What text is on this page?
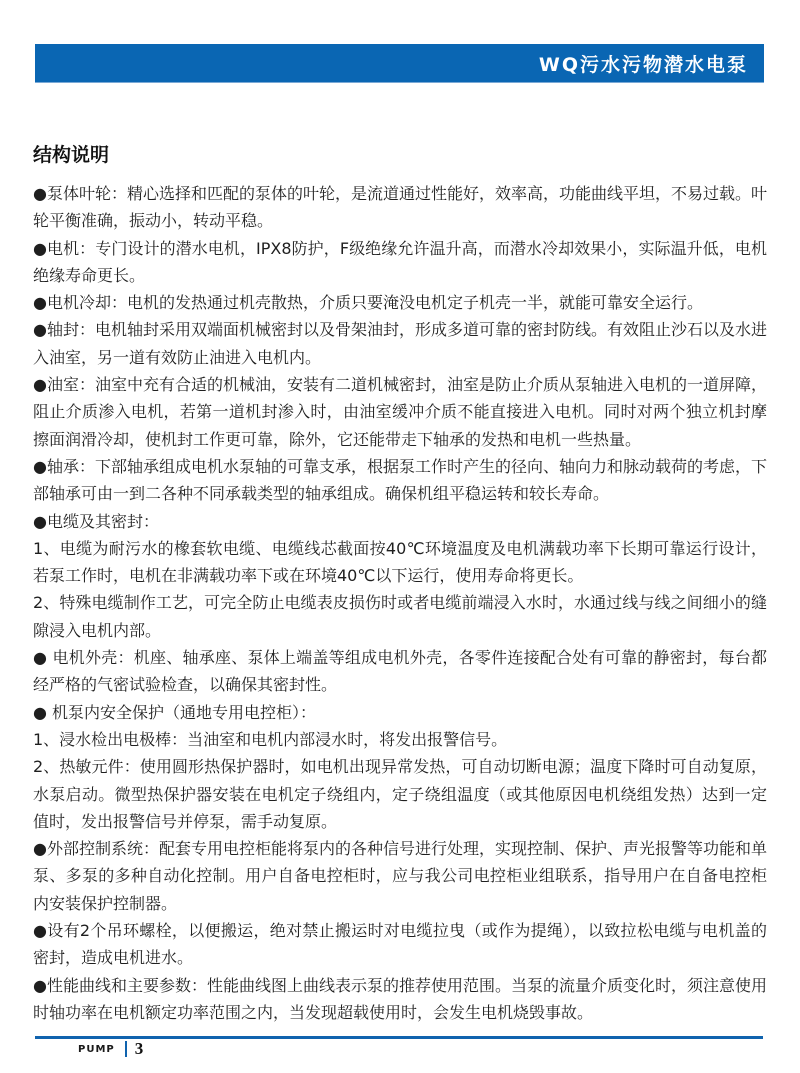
WQ污水污物潜水电泵
结构说明

●泵体叶轮：精心选择和匹配的泵体的叶轮，是流道通过性能好，效率高，功能曲线平坦，不易过载。叶轮平衡准确，振动小，转动平稳。

●电机：专门设计的潜水电机，IPX8防护，F级绝缘允许温升高，而潜水冷却效果小，实际温升低，电机绝缘寿命更长。

●电机冷却：电机的发热通过机壳散热，介质只要淹没电机定子机壳一半，就能可靠安全运行。

●轴封：电机轴封采用双端面机械密封以及骨架油封，形成多道可靠的密封防线。有效阻止沙石以及水进入油室，另一道有效防止油进入电机内。

●油室：油室中充有合适的机械油，安装有二道机械密封，油室是防止介质从泵轴进入电机的一道屏障，阻止介质渗入电机，若第一道机封渗入时，由油室缓冲介质不能直接进入电机。同时对两个独立机封摩擦面润滑冷却，使机封工作更可靠，除外，它还能带走下轴承的发热和电机一些热量。

●轴承：下部轴承组成电机水泵轴的可靠支承，根据泵工作时产生的径向、轴向力和脉动载荷的考虑，下部轴承可由一到二各种不同承载类型的轴承组成。确保机组平稳运转和较长寿命。

●电缆及其密封：

1、电缆为耐污水的橡套软电缆、电缆线芯截面按40℃环境温度及电机满载功率下长期可靠运行设计，若泵工作时，电机在非满载功率下或在环境40℃以下运行，使用寿命将更长。

2、特殊电缆制作工艺，可完全防止电缆表皮损伤时或者电缆前端浸入水时，水通过线与线之间细小的缝隙浸入电机内部。

● 电机外壳：机座、轴承座、泵体上端盖等组成电机外壳，各零件连接配合处有可靠的静密封，每台都经严格的气密试验检查，以确保其密封性。

● 机泵内安全保护（通地专用电控柜）：

1、浸水检出电极棒：当油室和电机内部浸水时，将发出报警信号。

2、热敏元件：使用圆形热保护器时，如电机出现异常发热，可自动切断电源；温度下降时可自动复原，水泵启动。微型热保护器安装在电机定子绕组内，定子绕组温度（或其他原因电机绕组发热）达到一定值时，发出报警信号并停泵，需手动复原。

●外部控制系统：配套专用电控柜能将泵内的各种信号进行处理，实现控制、保护、声光报警等功能和单泵、多泵的多种自动化控制。用户自备电控柜时，应与我公司电控柜业组联系，指导用户在自备电控柜内安装保护控制器。

●设有2个吊环螺栓，以便搬运，绝对禁止搬运时对电缆拉曳（或作为提绳），以致拉松电缆与电机盖的密封，造成电机进水。

●性能曲线和主要参数：性能曲线图上曲线表示泵的推荐使用范围。当泵的流量介质变化时，须注意使用时轴功率在电机额定功率范围之内，当发现超载使用时，会发生电机烧毁事故。

PUMP 3
